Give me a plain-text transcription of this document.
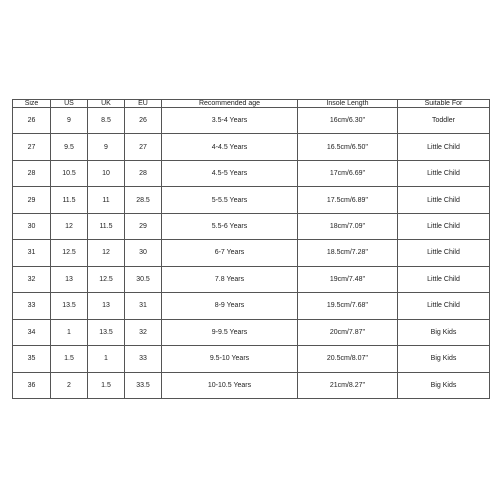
Size	US	UK	EU	Recommended age	Insole Length	Suitable For
26	9	8.5	26	3.5-4 Years	16cm/6.30''	Toddler
27	9.5	9	27	4-4.5 Years	16.5cm/6.50''	Little Child
28	10.5	10	28	4.5-5 Years	17cm/6.69''	Little Child
29	11.5	11	28.5	5-5.5 Years	17.5cm/6.89''	Little Child
30	12	11.5	29	5.5-6 Years	18cm/7.09''	Little Child
31	12.5	12	30	6-7 Years	18.5cm/7.28''	Little Child
32	13	12.5	30.5	7.8 Years	19cm/7.48''	Little Child
33	13.5	13	31	8-9 Years	19.5cm/7.68''	Little Child
34	1	13.5	32	9-9.5 Years	20cm/7.87''	Big Kids
35	1.5	1	33	9.5-10 Years	20.5cm/8.07''	Big Kids
36	2	1.5	33.5	10-10.5 Years	21cm/8.27''	Big Kids
